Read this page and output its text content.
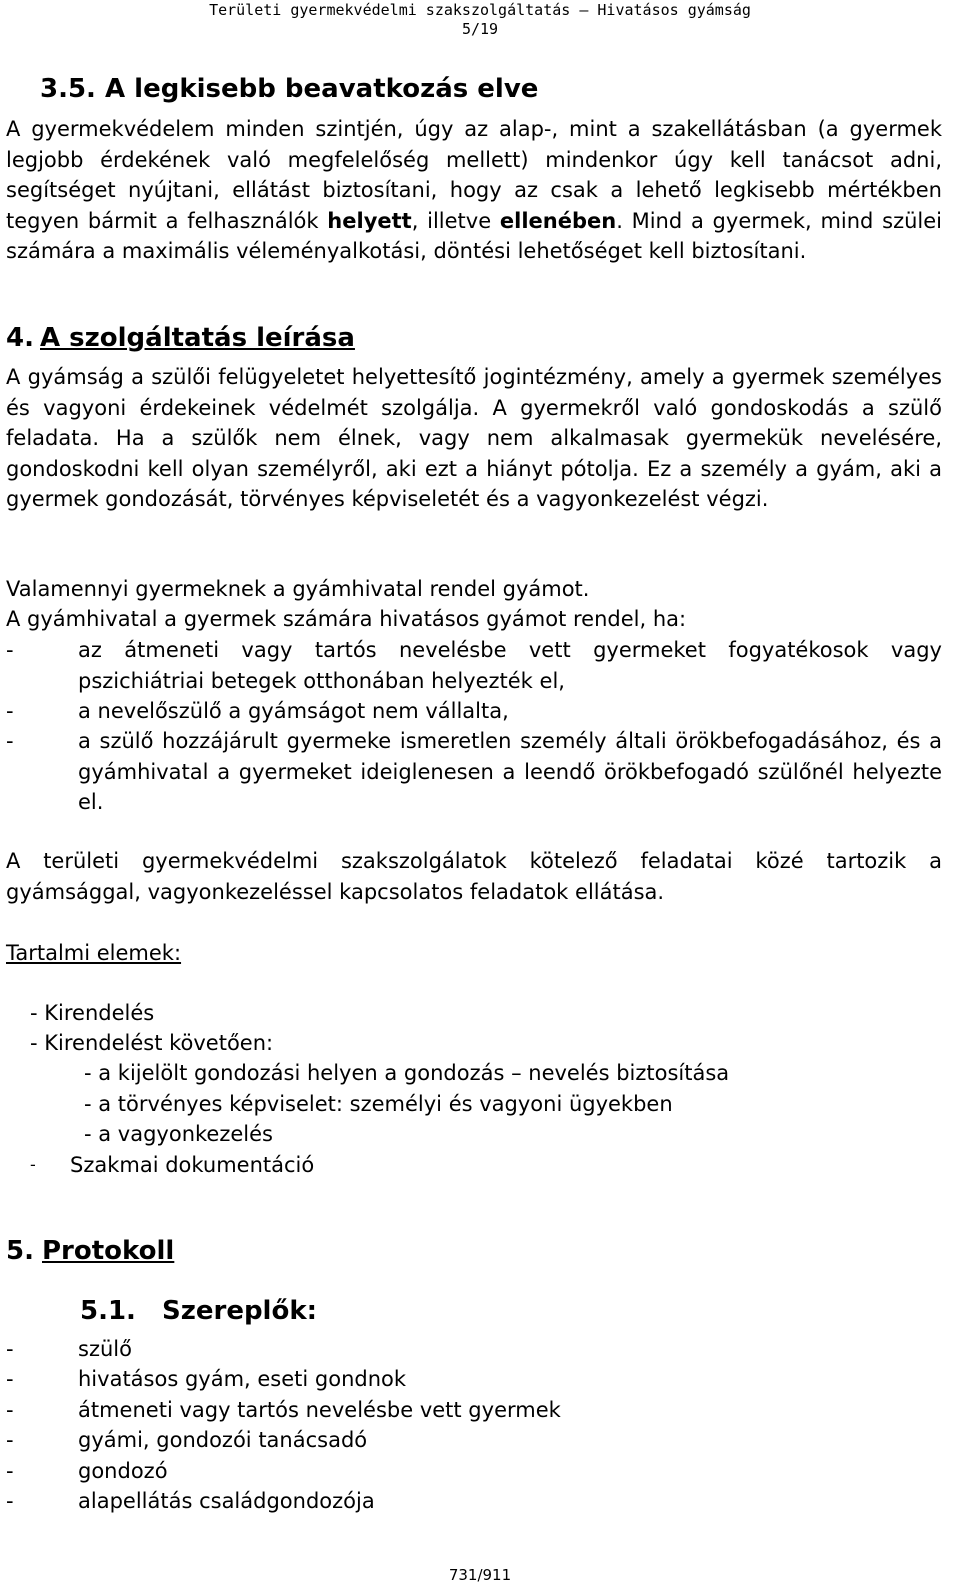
Területi gyermekvédelmi szakszolgáltatás – Hivatásos gyámság
5/19
3.5. A legkisebb beavatkozás elve
A gyermekvédelem minden szintjén, úgy az alap-, mint a szakellátásban (a gyermek legjobb érdekének való megfelelőség mellett) mindenkor úgy kell tanácsot adni, segítséget nyújtani, ellátást biztosítani, hogy az csak a lehető legkisebb mértékben tegyen bármit a felhasználók helyett, illetve ellenében. Mind a gyermek, mind szülei számára a maximális véleményalkotási, döntési lehetőséget kell biztosítani.
4. A szolgáltatás leírása
A gyámság a szülői felügyeletet helyettesítő jogintézmény, amely a gyermek személyes és vagyoni érdekeinek védelmét szolgálja. A gyermekről való gondoskodás a szülő feladata. Ha a szülők nem élnek, vagy nem alkalmasak gyermekük nevelésére, gondoskodni kell olyan személyről, aki ezt a hiányt pótolja. Ez a személy a gyám, aki a gyermek gondozását, törvényes képviseletét és a vagyonkezelést végzi.
Valamennyi gyermeknek a gyámhivatal rendel gyámot.
A gyámhivatal a gyermek számára hivatásos gyámot rendel, ha:
-	az átmeneti vagy tartós nevelésbe vett gyermeket fogyatékosok vagy pszichiátriai betegek otthonában helyezték el,
-	a nevelőszülő a gyámságot nem vállalta,
-	a szülő hozzájárult gyermeke ismeretlen személy általi örökbefogadásához, és a gyámhivatal a gyermeket ideiglenesen a leendő örökbefogadó szülőnél helyezte el.
A területi gyermekvédelmi szakszolgálatok kötelező feladatai közé tartozik a gyámsággal, vagyonkezeléssel kapcsolatos feladatok ellátása.
Tartalmi elemek:
- Kirendelés
- Kirendelést követően:
- a kijelölt gondozási helyen a gondozás – nevelés biztosítása
- a törvényes képviselet: személyi és vagyoni ügyekben
- a vagyonkezelés
- Szakmai dokumentáció
5. Protokoll
5.1. Szereplők:
-	szülő
-	hivatásos gyám, eseti gondnok
-	átmeneti vagy tartós nevelésbe vett gyermek
-	gyámi, gondozói tanácsadó
-	gondozó
-	alapellátás családgondozója
731/911
